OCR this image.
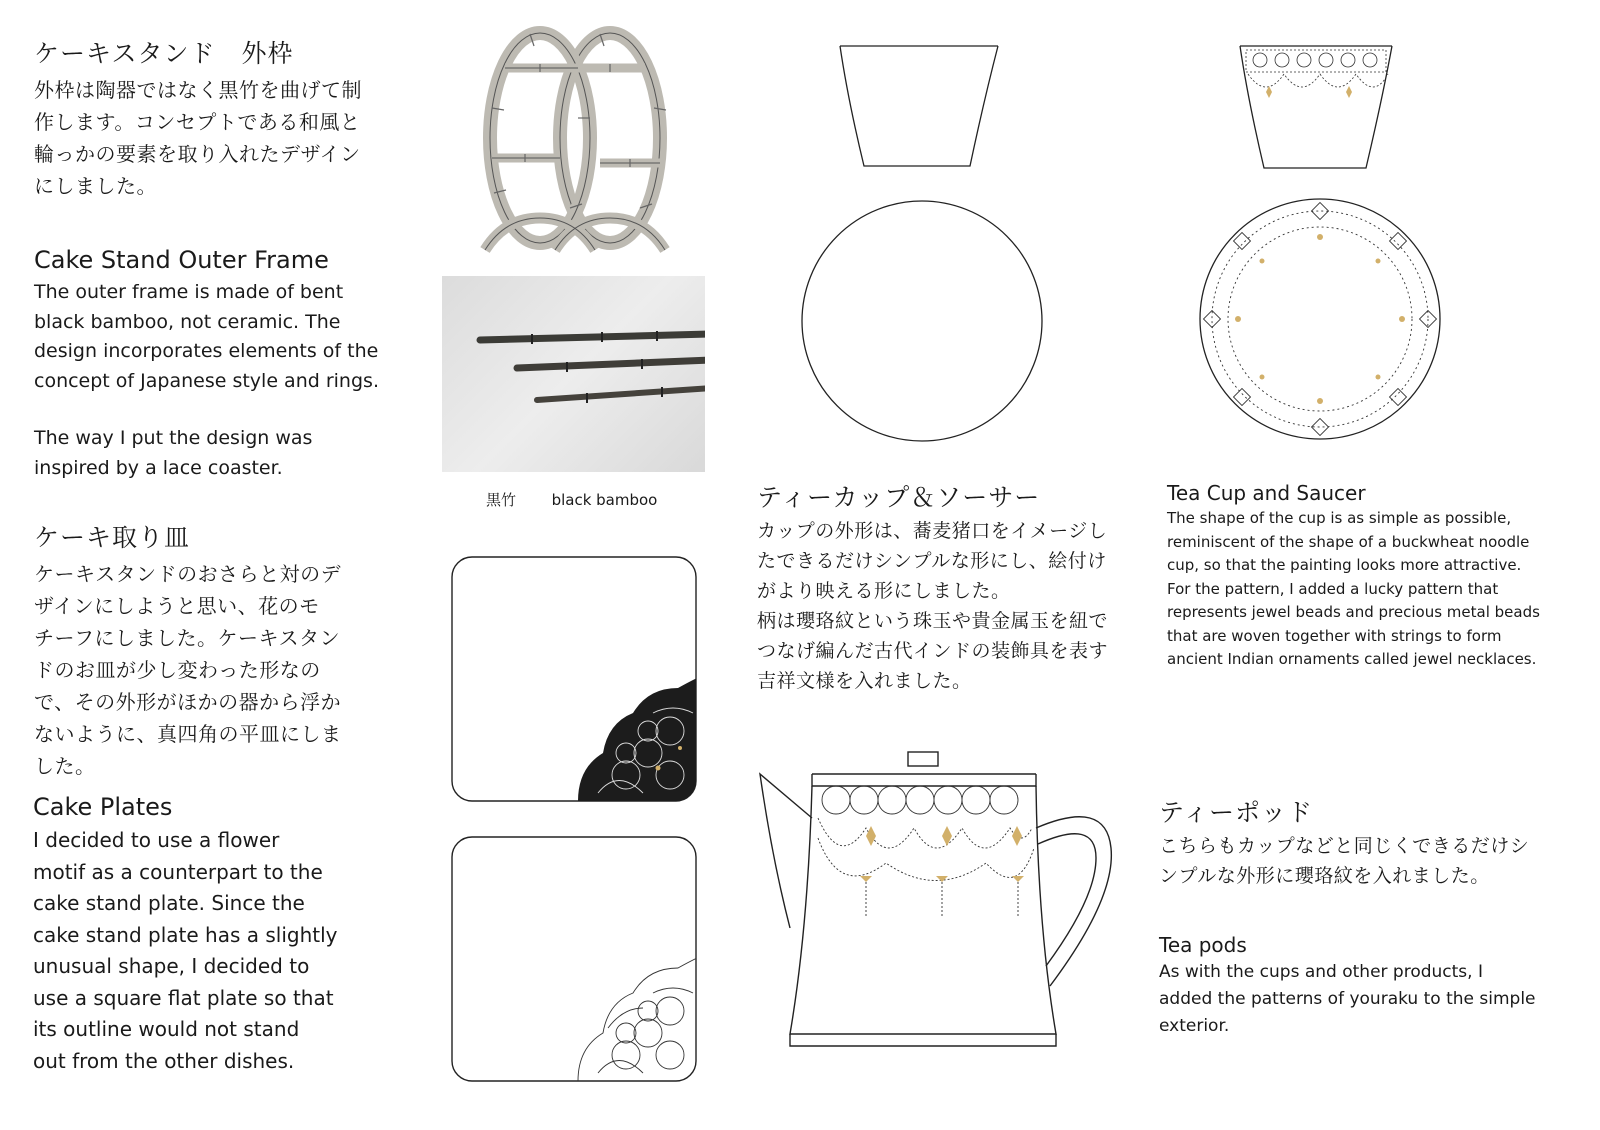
ケーキスタンド　外枠
外枠は陶器ではなく黒竹を曲げて制
作します。コンセプトである和風と
輪っかの要素を取り入れたデザイン
にしました。
Cake Stand Outer Frame
The outer frame is made of bent
black bamboo, not ceramic. The
design incorporates elements of the
concept of Japanese style and rings.
The way I put the design was
inspired by a lace coaster.
ケーキ取り皿
ケーキスタンドのおさらと対のデ
ザインにしようと思い、花のモ
チーフにしました。ケーキスタン
ドのお皿が少し変わった形なの
で、その外形がほかの器から浮か
ないように、真四角の平皿にしま
した。
Cake Plates
I decided to use a flower
motif as a counterpart to the
cake stand plate. Since the
cake stand plate has a slightly
unusual shape, I decided to
use a square flat plate so that
its outline would not stand
out from the other dishes.
黒竹 black bamboo	ティーカップ＆ソーサー
カップの外形は、蕎麦猪口をイメージし
たできるだけシンプルな形にし、絵付け
がより映える形にしました。
柄は瓔珞紋という珠玉や貴金属玉を紐で
つなげ編んだ古代インドの装飾具を表す
吉祥文様を入れました。
Tea Cup and Saucer
The shape of the cup is as simple as possible,
reminiscent of the shape of a buckwheat noodle
cup, so that the painting looks more attractive.
For the pattern, I added a lucky pattern that
represents jewel beads and precious metal beads
that are woven together with strings to form
ancient Indian ornaments called jewel necklaces.
ティーポッド
こちらもカップなどと同じくできるだけシ
ンプルな外形に瓔珞紋を入れました。
Tea pods
As with the cups and other products, I
added the patterns of youraku to the simple
exterior.
